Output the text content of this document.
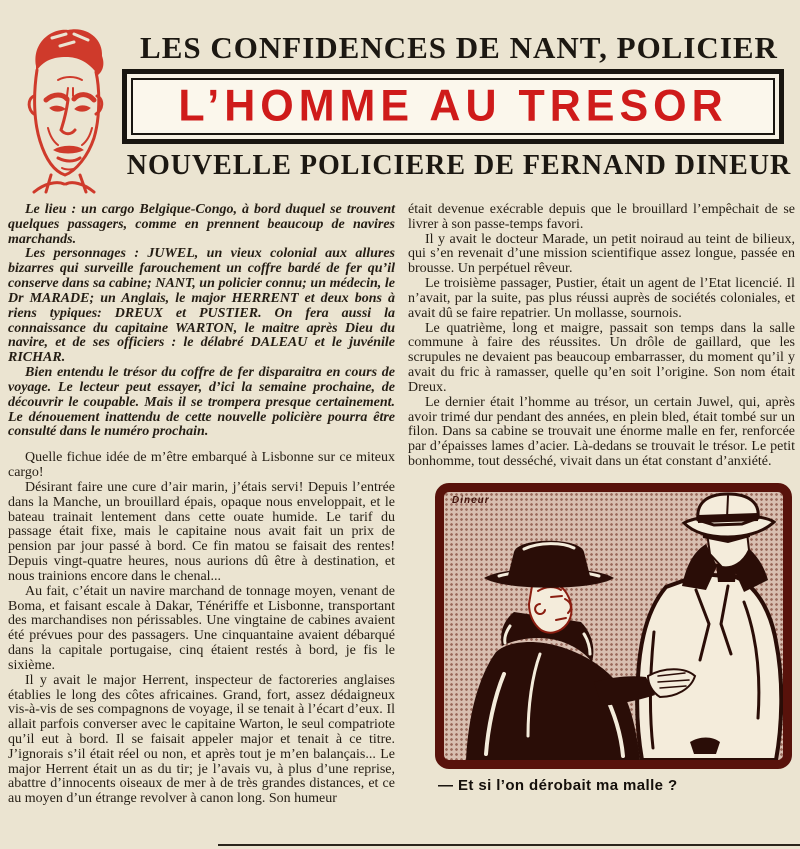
LES CONFIDENCES DE NANT, POLICIER
L’HOMME AU TRESOR
NOUVELLE POLICIERE DE FERNAND DINEUR

Le lieu : un cargo Belgique-Congo, à bord duquel se trouvent quelques passagers, comme en prennent beaucoup de navires marchands.

Les personnages : JUWEL, un vieux colonial aux allures bizarres qui surveille farouchement un coffre bardé de fer qu’il conserve dans sa cabine; NANT, un policier connu; un médecin, le Dr MARADE; un Anglais, le major HERRENT et deux bons à riens typiques: DREUX et PUSTIER. On fera aussi la connaissance du capitaine WARTON, le maitre après Dieu du navire, et de ses officiers : le délabré DALEAU et le juvénile RICHAR.

Bien entendu le trésor du coffre de fer disparaitra en cours de voyage. Le lecteur peut essayer, d’ici la semaine prochaine, de découvrir le coupable. Mais il se trompera presque certainement. Le dénouement inattendu de cette nouvelle policière pourra être consulté dans le numéro prochain.

Quelle fichue idée de m’être embarqué à Lisbonne sur ce miteux cargo!

Désirant faire une cure d’air marin, j’étais servi! Depuis l’entrée dans la Manche, un brouillard épais, opaque nous enveloppait, et le bateau trainait lentement dans cette ouate humide. Le tarif du passage était fixe, mais le capitaine nous avait fait un prix de pension par jour passé à bord. Ce fin matou se faisait des rentes! Depuis vingt-quatre heures, nous aurions dû être à destination, et nous trainions encore dans le chenal...

Au fait, c’était un navire marchand de tonnage moyen, venant de Boma, et faisant escale à Dakar, Ténériffe et Lisbonne, transportant des marchandises non périssables. Une vingtaine de cabines avaient été prévues pour des passagers. Une cinquantaine avaient débarqué dans la capitale portugaise, cinq étaient restés à bord, je fis le sixième.

Il y avait le major Herrent, inspecteur de factoreries anglaises établies le long des côtes africaines. Grand, fort, assez dédaigneux vis-à-vis de ses compagnons de voyage, il se tenait à l’écart d’eux. Il allait parfois converser avec le capitaine Warton, le seul compatriote qu’il eut à bord. Il se faisait appeler major et tenait à ce titre. J’ignorais s’il était réel ou non, et après tout je m’en balançais... Le major Herrent était un as du tir; je l’avais vu, à plus d’une reprise, abattre d’innocents oiseaux de mer à de très grandes distances, et ce au moyen d’un étrange revolver à canon long. Son humeur

était devenue exécrable depuis que le brouillard l’empêchait de se livrer à son passe-temps favori.

Il y avait le docteur Marade, un petit noiraud au teint de bilieux, qui s’en revenait d’une mission scientifique assez longue, passée en brousse. Un perpétuel rêveur.

Le troisième passager, Pustier, était un agent de l’Etat licencié. Il n’avait, par la suite, pas plus réussi auprès de sociétés coloniales, et avait dû se faire repatrier. Un mollasse, sournois.

Le quatrième, long et maigre, passait son temps dans la salle commune à faire des réussites. Un drôle de gaillard, que les scrupules ne devaient pas beaucoup embarrasser, du moment qu’il y avait du fric à ramasser, quelle qu’en soit l’origine. Son nom était Dreux.

Le dernier était l’homme au trésor, un certain Juwel, qui, après avoir trimé dur pendant des années, en plein bled, était tombé sur un filon. Dans sa cabine se trouvait une énorme malle en fer, renforcée par d’épaisses lames d’acier. Là-dedans se trouvait le trésor. Le petit bonhomme, tout desséché, vivait dans un état constant d’anxiété.

Dineur
— Et si l’on dérobait ma malle ?
